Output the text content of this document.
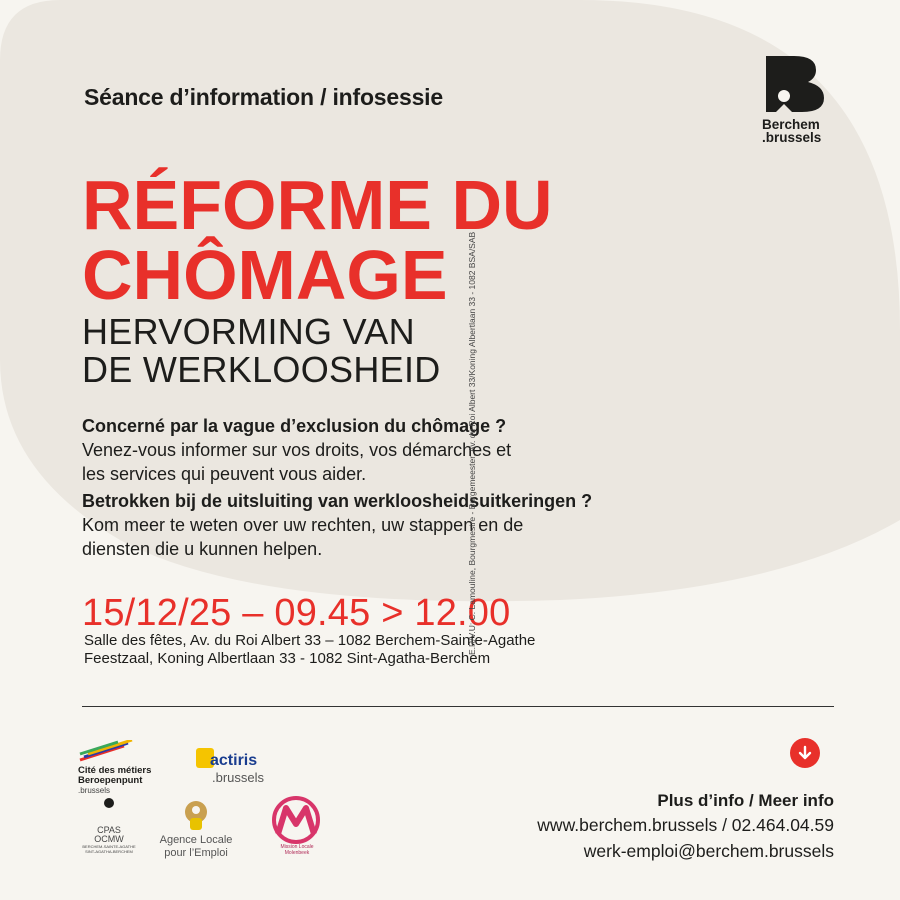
Séance d’information / infosessie
Berchem
.brussels
RÉFORME DU
CHÔMAGE
HERVORMING VAN
DE WERKLOOSHEID
Concerné par la vague d’exclusion du chômage ?
Venez-vous informer sur vos droits, vos démarches et
les services qui peuvent vous aider.
Betrokken bij de uitsluiting van werkloosheidsuitkeringen ?
Kom meer te weten over uw rechten, uw stappen en de
diensten die u kunnen helpen.
15/12/25 – 09.45 > 12.00
Salle des fêtes, Av. du Roi Albert 33 – 1082 Berchem-Sainte-Agathe
Feestzaal, Koning Albertlaan 33 - 1082 Sint-Agatha-Berchem
E.R/V.U: C. Lamouline, Bourgmestre - Burgemeester, Av. du Roi Albert 33/Koning Albertlaan 33 - 1082 BSA/SAB
Plus d’info / Meer info
www.berchem.brussels / 02.464.04.59
werk-emploi@berchem.brussels
Cité des métiers
Beroepenpunt
.brussels
actiris
.brussels
CPAS
OCMW
BERCHEM-SAINTE-AGATHE
SINT-AGATHA-BERCHEM
Agence Locale
pour l’Emploi	Mission Locale
Molenbeek
